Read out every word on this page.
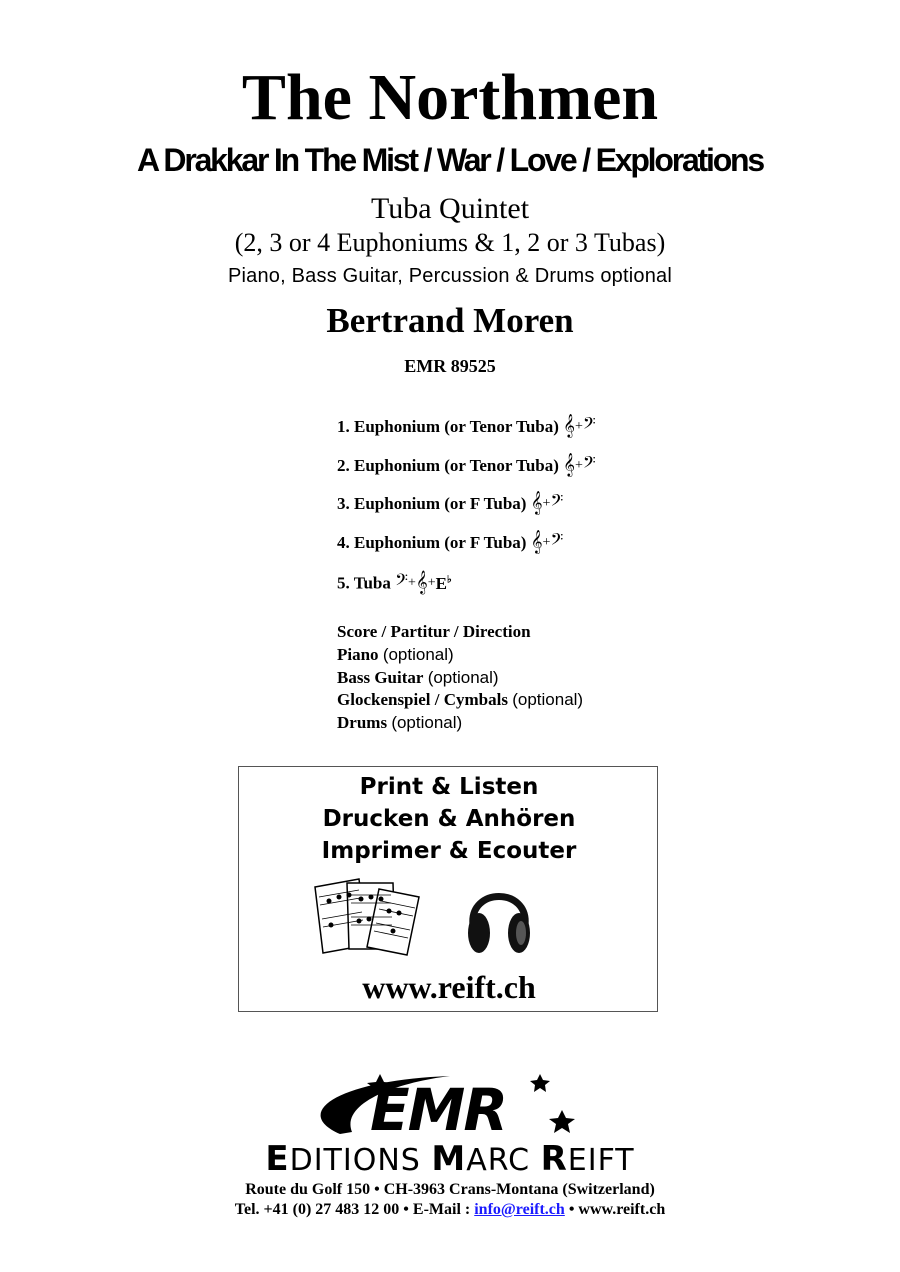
The Northmen
A Drakkar In The Mist / War / Love / Explorations
Tuba Quintet
(2, 3 or 4 Euphoniums & 1, 2 or 3 Tubas)
Piano, Bass Guitar, Percussion & Drums optional
Bertrand Moren
EMR 89525
1. Euphonium (or Tenor Tuba) 𝄞+𝄢
2. Euphonium (or Tenor Tuba) 𝄞+𝄢
3. Euphonium (or F Tuba) 𝄞+𝄢
4. Euphonium (or F Tuba) 𝄞+𝄢
5. Tuba 𝄢+𝄞+E♭
Score / Partitur / Direction
Piano (optional)
Bass Guitar (optional)
Glockenspiel / Cymbals (optional)
Drums (optional)
Print & Listen
Drucken & Anhören
Imprimer & Ecouter
www.reift.ch
EMR
EDITIONS MARC REIFT
Route du Golf 150 • CH-3963 Crans-Montana (Switzerland)
Tel. +41 (0) 27 483 12 00 • E-Mail : info@reift.ch • www.reift.ch
